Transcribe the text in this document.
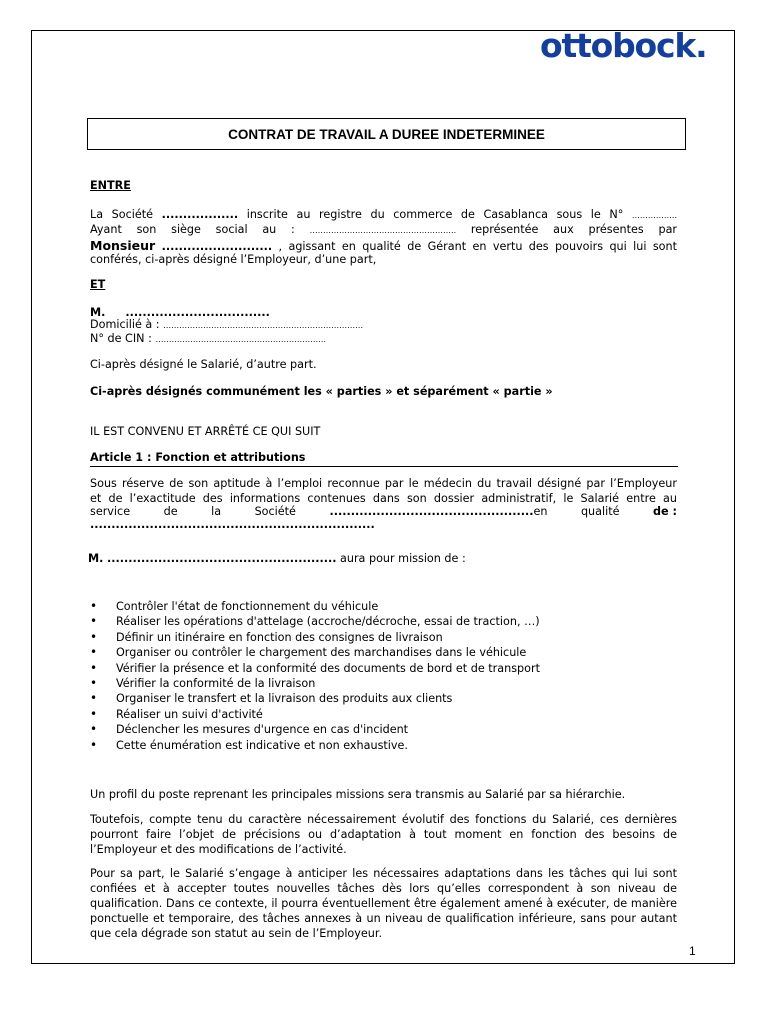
ottobock.
CONTRAT DE TRAVAIL A DUREE INDETERMINEE
ENTRE
La Société .................. inscrite au registre du commerce de Casablanca sous le N° ……………..
Ayant son siège social au : ………………………………………………. représentée aux présentes par
Monsieur .......................... , agissant en qualité de Gérant en vertu des pouvoirs qui lui sont
conférés, ci-après désigné l’Employeur, d’une part,
ET
M. ..................................
Domicilié à : …………………………………………………………………
N° de CIN : ……………………………………………………….
Ci-après désigné le Salarié, d’autre part.
Ci-après désignés communément les « parties » et séparément « partie »
IL EST CONVENU ET ARRÊTÉ CE QUI SUIT
Article 1 : Fonction et attributions
Sous réserve de son aptitude à l’emploi reconnue par le médecin du travail désigné par l’Employeur
et de l’exactitude des informations contenues dans son dossier administratif, le Salarié entre au
service	de	la	Société	................................................en	qualité	de :
...................................................................
M. ...................................................... aura pour mission de :
• Contrôler l'état de fonctionnement du véhicule
• Réaliser les opérations d'attelage (accroche/décroche, essai de traction, …)
• Définir un itinéraire en fonction des consignes de livraison
• Organiser ou contrôler le chargement des marchandises dans le véhicule
• Vérifier la présence et la conformité des documents de bord et de transport
• Vérifier la conformité de la livraison
• Organiser le transfert et la livraison des produits aux clients
• Réaliser un suivi d'activité
• Déclencher les mesures d'urgence en cas d'incident
• Cette énumération est indicative et non exhaustive.
Un profil du poste reprenant les principales missions sera transmis au Salarié par sa hiérarchie.
Toutefois, compte tenu du caractère nécessairement évolutif des fonctions du Salarié, ces dernières pourront faire l’objet de précisions ou d’adaptation à tout moment en fonction des besoins de l’Employeur et des modifications de l’activité.
Pour sa part, le Salarié s’engage à anticiper les nécessaires adaptations dans les tâches qui lui sont confiées et à accepter toutes nouvelles tâches dès lors qu’elles correspondent à son niveau de qualification. Dans ce contexte, il pourra éventuellement être également amené à exécuter, de manière ponctuelle et temporaire, des tâches annexes à un niveau de qualification inférieure, sans pour autant que cela dégrade son statut au sein de l’Employeur.
1
